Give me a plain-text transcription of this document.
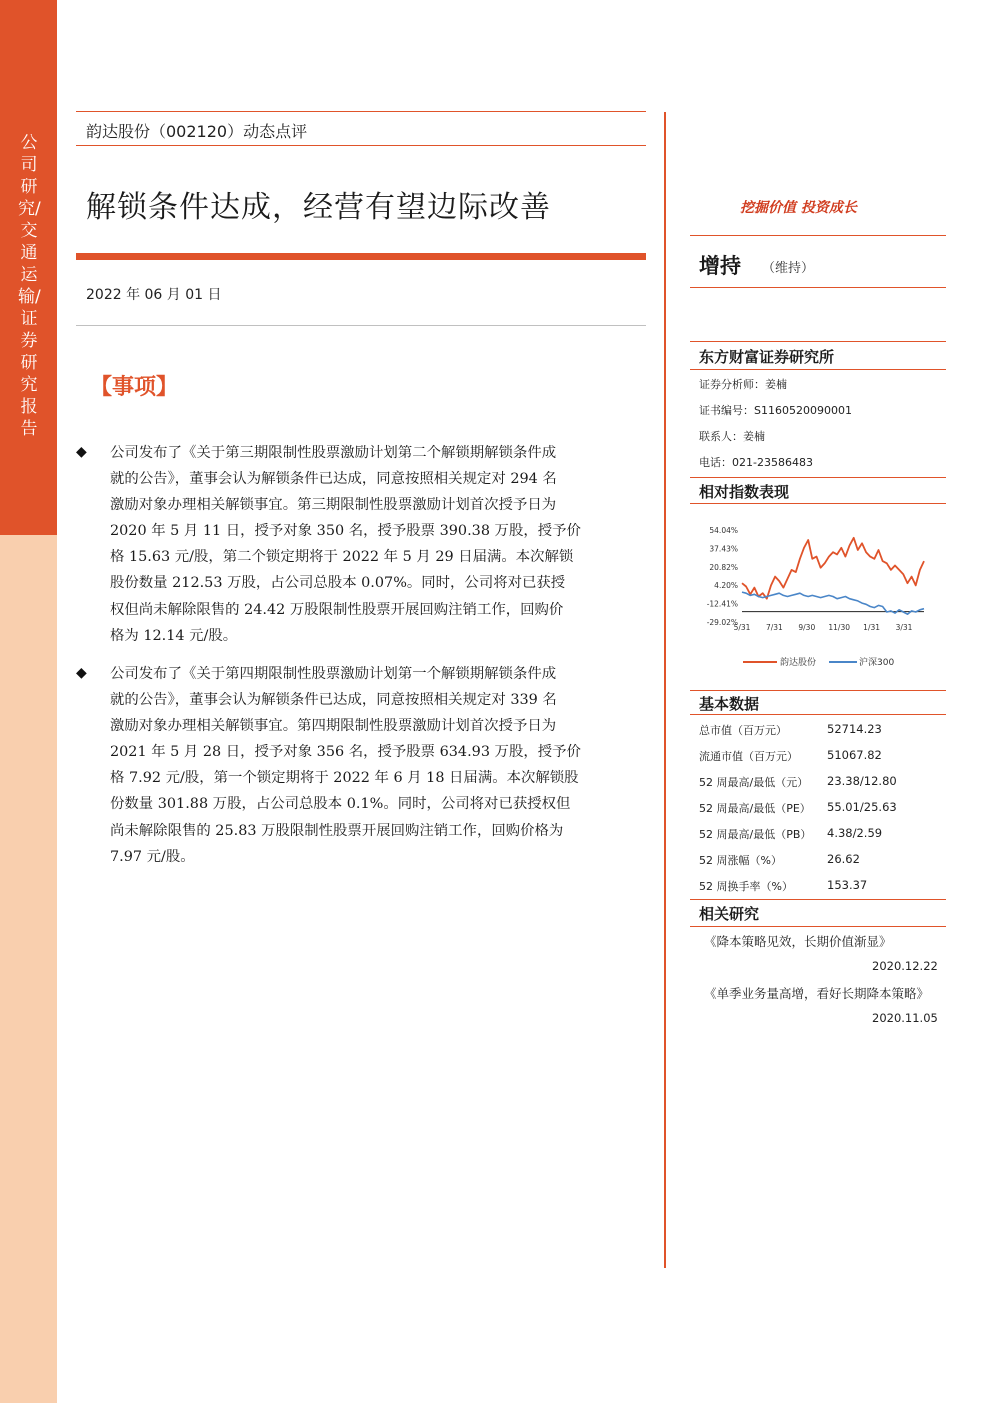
公司研究/交通运输/证券研究报告
韵达股份（002120）动态点评
解锁条件达成，经营有望边际改善
2022 年 06 月 01 日
【事项】
◆ 公司发布了《关于第三期限制性股票激励计划第二个解锁期解锁条件成
就的公告》，董事会认为解锁条件已达成，同意按照相关规定对 294 名
激励对象办理相关解锁事宜。第三期限制性股票激励计划首次授予日为
2020 年 5 月 11 日，授予对象 350 名，授予股票 390.38 万股，授予价
格 15.63 元/股，第二个锁定期将于 2022 年 5 月 29 日届满。本次解锁
股份数量 212.53 万股，占公司总股本 0.07%。同时，公司将对已获授
权但尚未解除限售的 24.42 万股限制性股票开展回购注销工作，回购价
格为 12.14 元/股。
◆ 公司发布了《关于第四期限制性股票激励计划第一个解锁期解锁条件成
就的公告》，董事会认为解锁条件已达成，同意按照相关规定对 339 名
激励对象办理相关解锁事宜。第四期限制性股票激励计划首次授予日为
2021 年 5 月 28 日，授予对象 356 名，授予股票 634.93 万股，授予价
格 7.92 元/股，第一个锁定期将于 2022 年 6 月 18 日届满。本次解锁股
份数量 301.88 万股，占公司总股本 0.1%。同时，公司将对已获授权但
尚未解除限售的 25.83 万股限制性股票开展回购注销工作，回购价格为
7.97 元/股。
挖掘价值 投资成长
增持 （维持）
东方财富证券研究所
证券分析师：姜楠
证书编号：S1160520090001
联系人：姜楠
电话：021-23586483
相对指数表现
54.04%
37.43%
20.82%
4.20%
-12.41%
-29.02%
5/31 7/31 9/30 11/30 1/31 3/31
韵达股份	沪深300
基本数据
总市值（百万元）	52714.23
流通市值（百万元）	51067.82
52 周最高/最低（元） 23.38/12.80
52 周最高/最低（PE） 55.01/25.63
52 周最高/最低（PB） 4.38/2.59
52 周涨幅（%）	26.62
52 周换手率（%）	153.37
相关研究
《降本策略见效，长期价值渐显》
2020.12.22
《单季业务量高增，看好长期降本策略》
2020.11.05
